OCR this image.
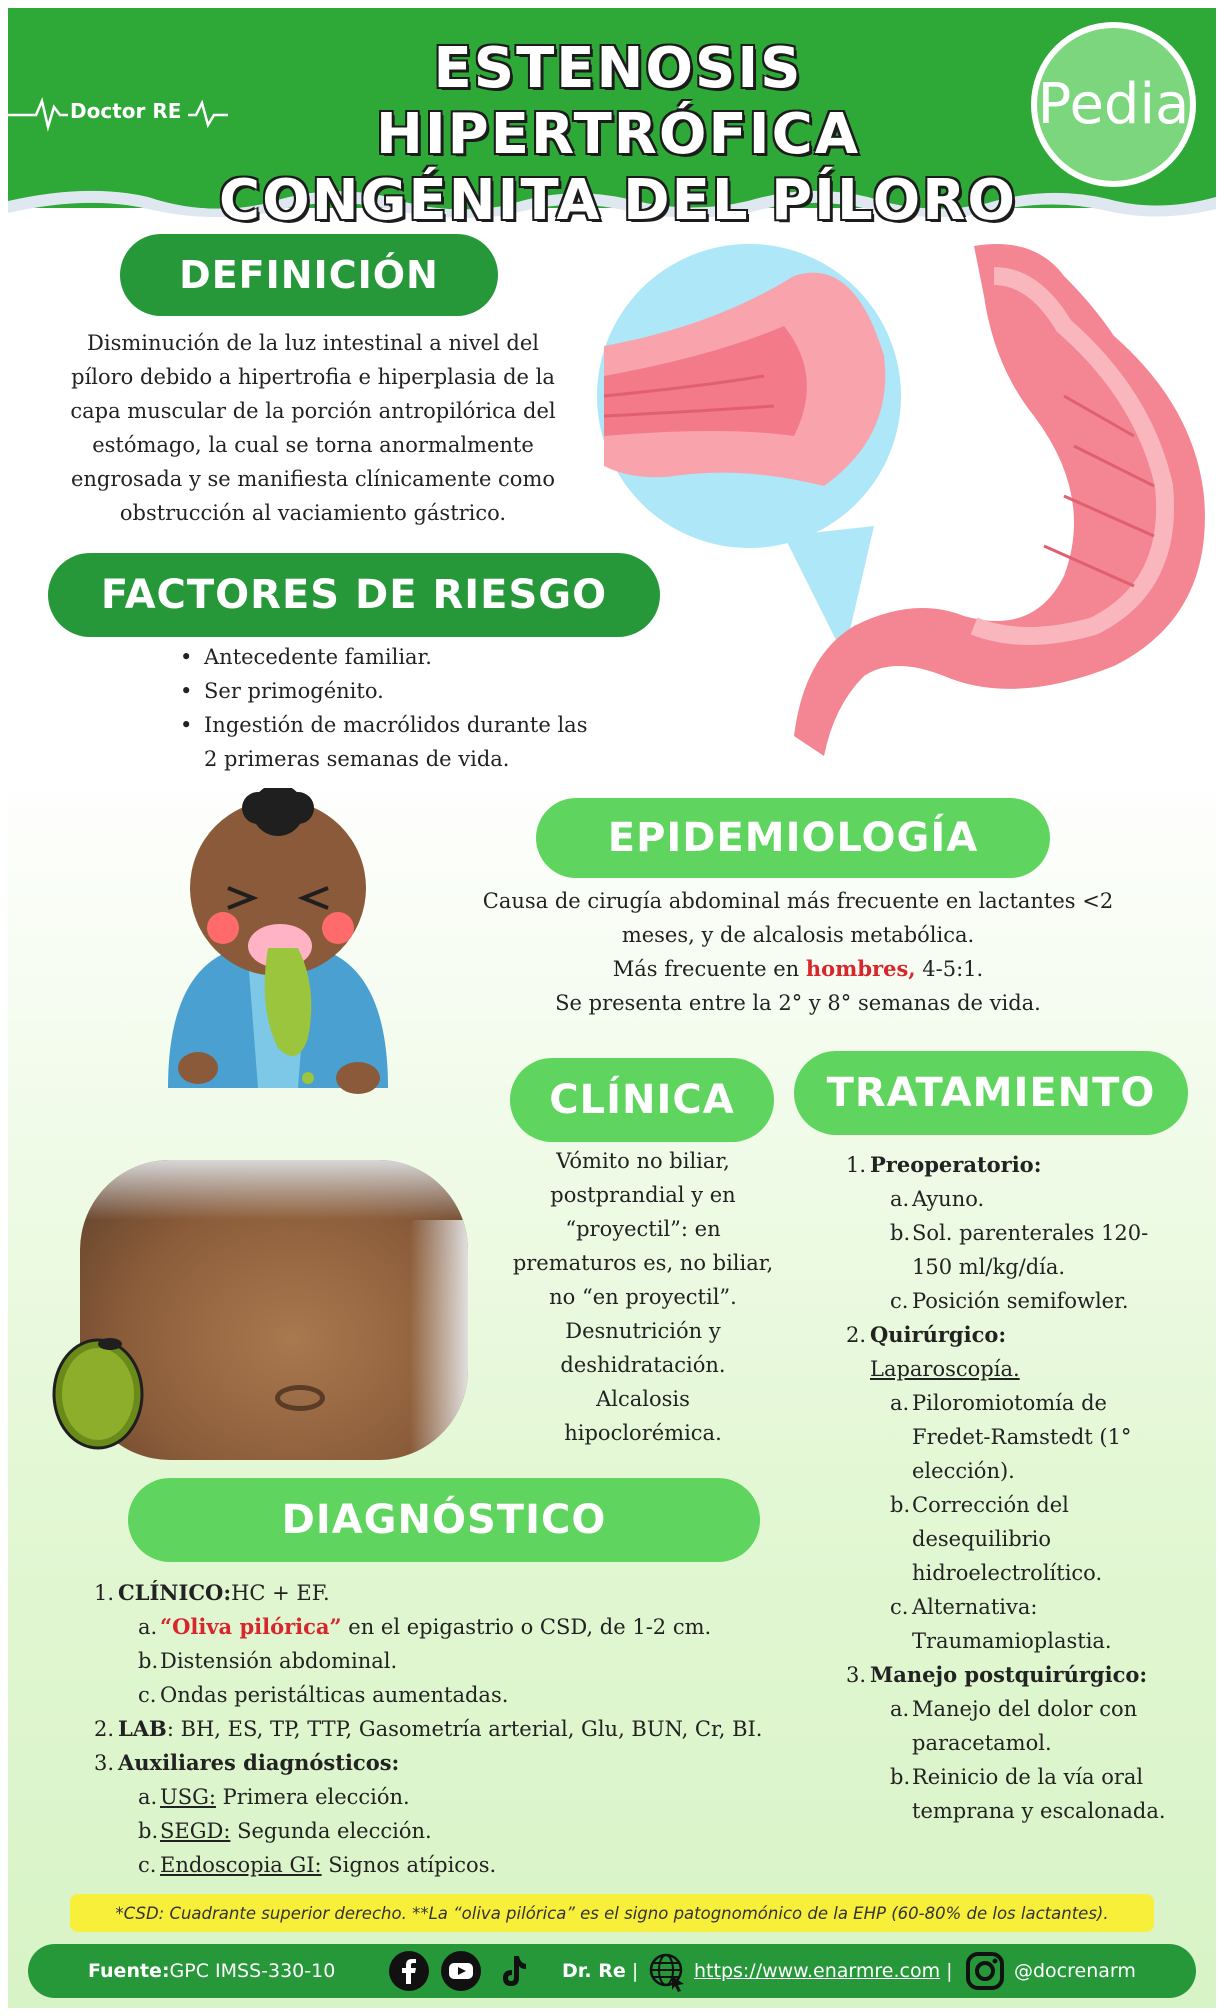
Doctor RE
ESTENOSIS HIPERTRÓFICA
CONGÉNITA DEL PÍLORO
Pedia
DEFINICIÓN
Disminución de la luz intestinal a nivel del
píloro debido a hipertrofia e hiperplasia de la
capa muscular de la porción antropilórica del
estómago, la cual se torna anormalmente
engrosada y se manifiesta clínicamente como
obstrucción al vaciamiento gástrico.
FACTORES DE RIESGO
• Antecedente familiar.
• Ser primogénito.
• Ingestión de macrólidos durante las 2 primeras semanas de vida.
EPIDEMIOLOGÍA
Causa de cirugía abdominal más frecuente en lactantes <2
meses, y de alcalosis metabólica.
Más frecuente en hombres, 4-5:1.
Se presenta entre la 2° y 8° semanas de vida.
CLÍNICA
Vómito no biliar,
postprandial y en
“proyectil”: en
prematuros es, no biliar,
no “en proyectil”.
Desnutrición y
deshidratación.
Alcalosis
hipoclorémica.
TRATAMIENTO
1. Preoperatorio:
a. Ayuno.
b. Sol. parenterales 120-150 ml/kg/día.
c. Posición semifowler.
2. Quirúrgico:
Laparoscopía.
a. Piloromiotomía de Fredet-Ramstedt (1° elección).
b. Corrección del desequilibrio hidroelectrolítico.
c. Alternativa: Traumamioplastia.
3. Manejo postquirúrgico:
a. Manejo del dolor con paracetamol.
b. Reinicio de la vía oral temprana y escalonada.
DIAGNÓSTICO
1. CLÍNICO: HC + EF.
a. “Oliva pilórica” en el epigastrio o CSD, de 1-2 cm.
b. Distensión abdominal.
c. Ondas peristálticas aumentadas.
2. LAB : BH, ES, TP, TTP, Gasometría arterial, Glu, BUN, Cr, BI.
3. Auxiliares diagnósticos:
a. USG: Primera elección.
b. SEGD: Segunda elección.
c. Endoscopia GI: Signos atípicos.
*CSD: Cuadrante superior derecho. **La “oliva pilórica” es el signo patognomónico de la EHP (60-80% de los lactantes).
Fuente: GPC IMSS-330-10	Dr. Re
|	https://www.enarmre.com
|	@docrenarm
